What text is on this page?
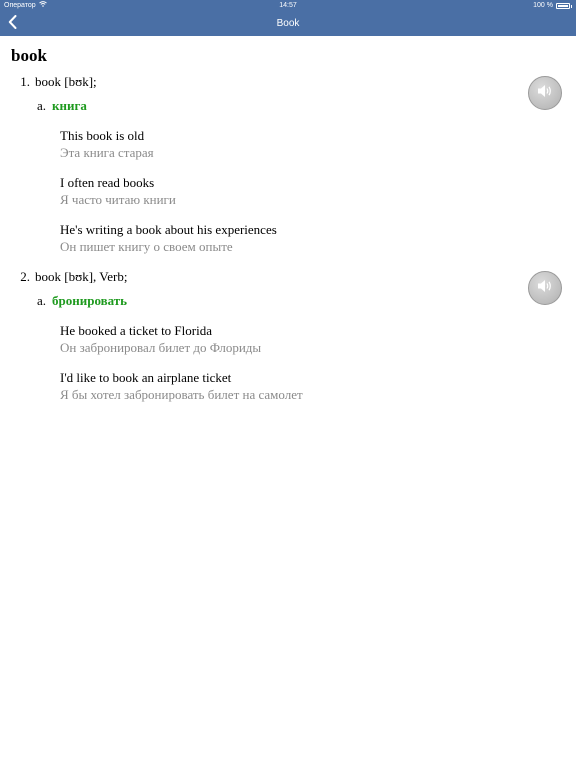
Оператор	14:57	100 %
Book
book
1. book [bʊk];
a. книга
This book is old
Эта книга старая
I often read books
Я часто читаю книги
He's writing a book about his experiences
Он пишет книгу о своем опыте
2. book [bʊk], Verb;
a. бронировать
He booked a ticket to Florida
Он забронировал билет до Флориды
I'd like to book an airplane ticket
Я бы хотел забронировать билет на самолет
